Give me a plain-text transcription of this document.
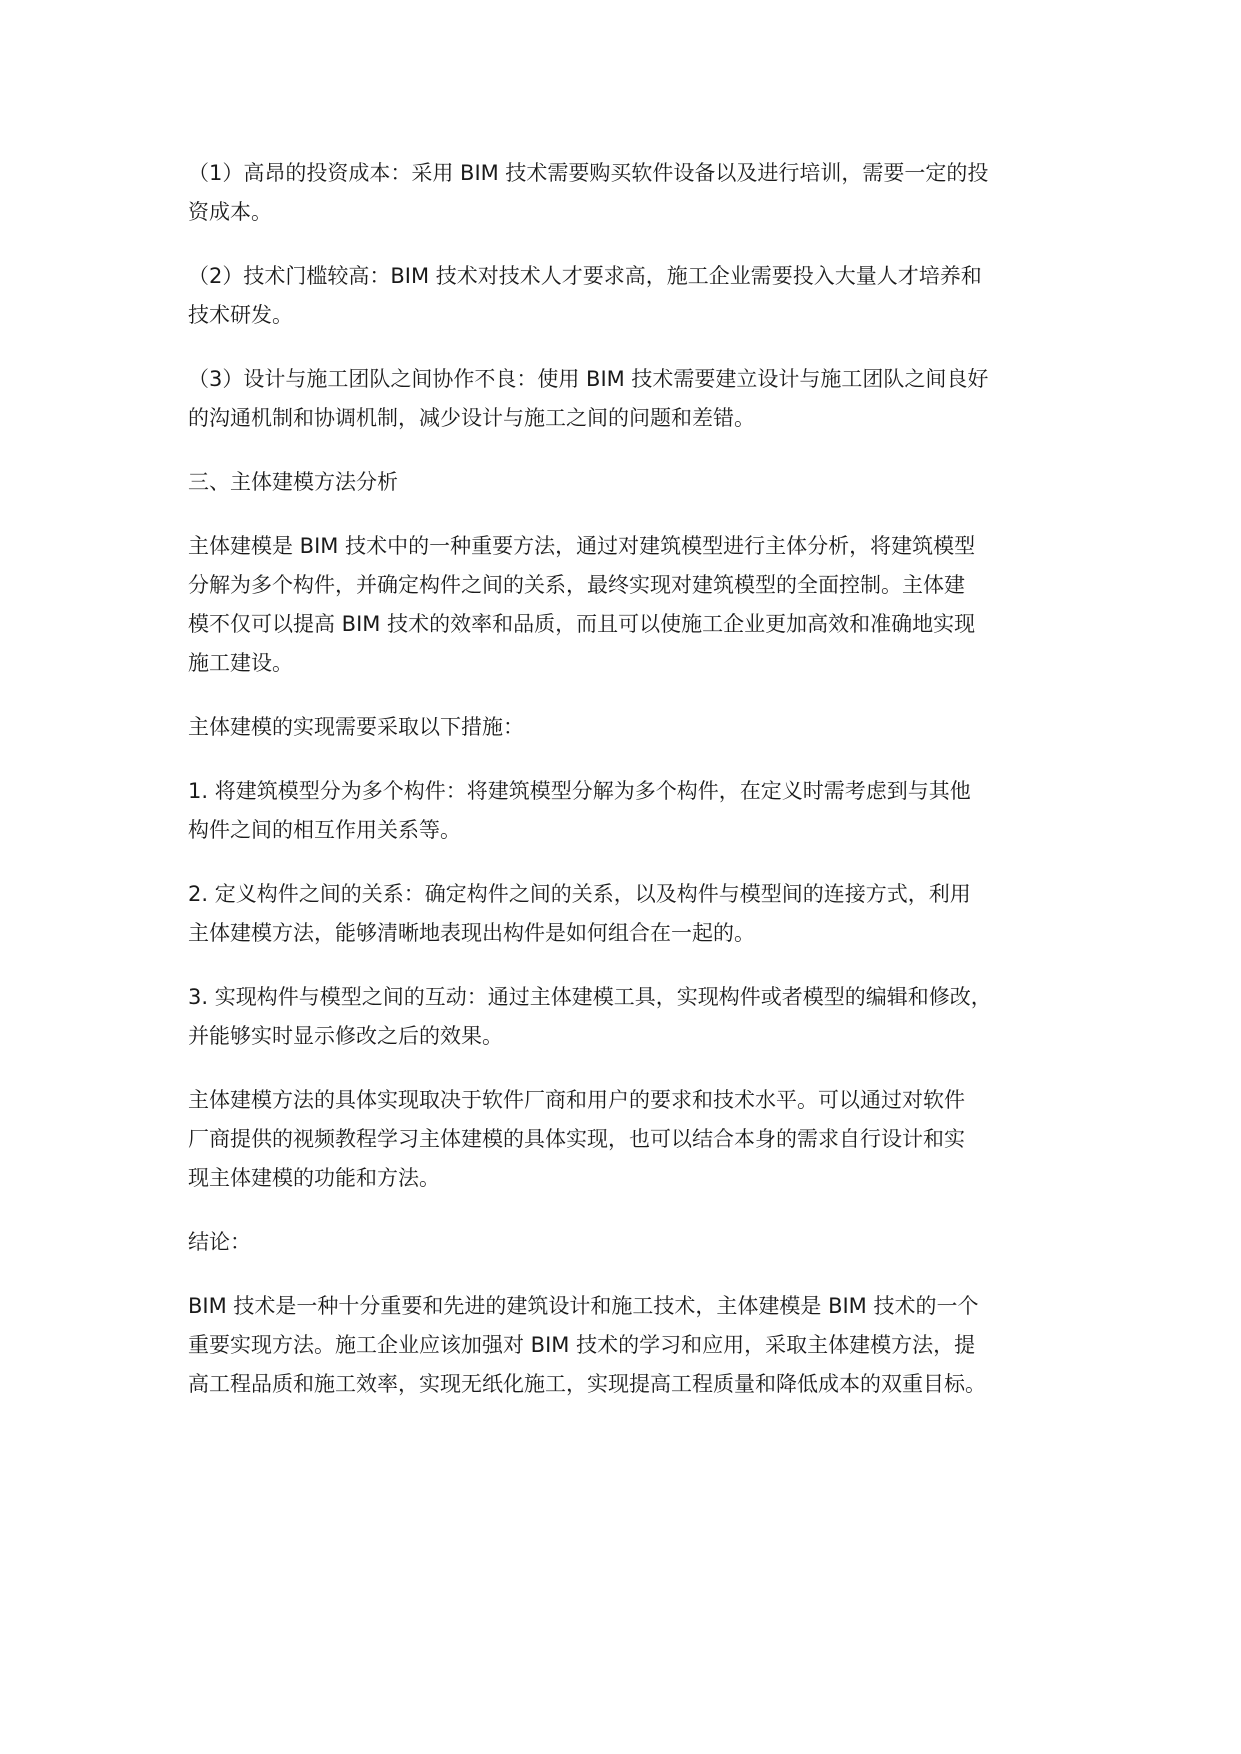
（1）高昂的投资成本：采用 BIM 技术需要购买软件设备以及进行培训，需要一定的投
资成本。

（2）技术门槛较高：BIM 技术对技术人才要求高，施工企业需要投入大量人才培养和
技术研发。

（3）设计与施工团队之间协作不良：使用 BIM 技术需要建立设计与施工团队之间良好
的沟通机制和协调机制，减少设计与施工之间的问题和差错。

三、主体建模方法分析

主体建模是 BIM 技术中的一种重要方法，通过对建筑模型进行主体分析，将建筑模型
分解为多个构件，并确定构件之间的关系，最终实现对建筑模型的全面控制。主体建
模不仅可以提高 BIM 技术的效率和品质，而且可以使施工企业更加高效和准确地实现
施工建设。

主体建模的实现需要采取以下措施：

1. 将建筑模型分为多个构件：将建筑模型分解为多个构件，在定义时需考虑到与其他
构件之间的相互作用关系等。

2. 定义构件之间的关系：确定构件之间的关系，以及构件与模型间的连接方式，利用
主体建模方法，能够清晰地表现出构件是如何组合在一起的。

3. 实现构件与模型之间的互动：通过主体建模工具，实现构件或者模型的编辑和修改，
并能够实时显示修改之后的效果。

主体建模方法的具体实现取决于软件厂商和用户的要求和技术水平。可以通过对软件
厂商提供的视频教程学习主体建模的具体实现，也可以结合本身的需求自行设计和实
现主体建模的功能和方法。

结论：

BIM 技术是一种十分重要和先进的建筑设计和施工技术，主体建模是 BIM 技术的一个
重要实现方法。施工企业应该加强对 BIM 技术的学习和应用，采取主体建模方法，提
高工程品质和施工效率，实现无纸化施工，实现提高工程质量和降低成本的双重目标。
